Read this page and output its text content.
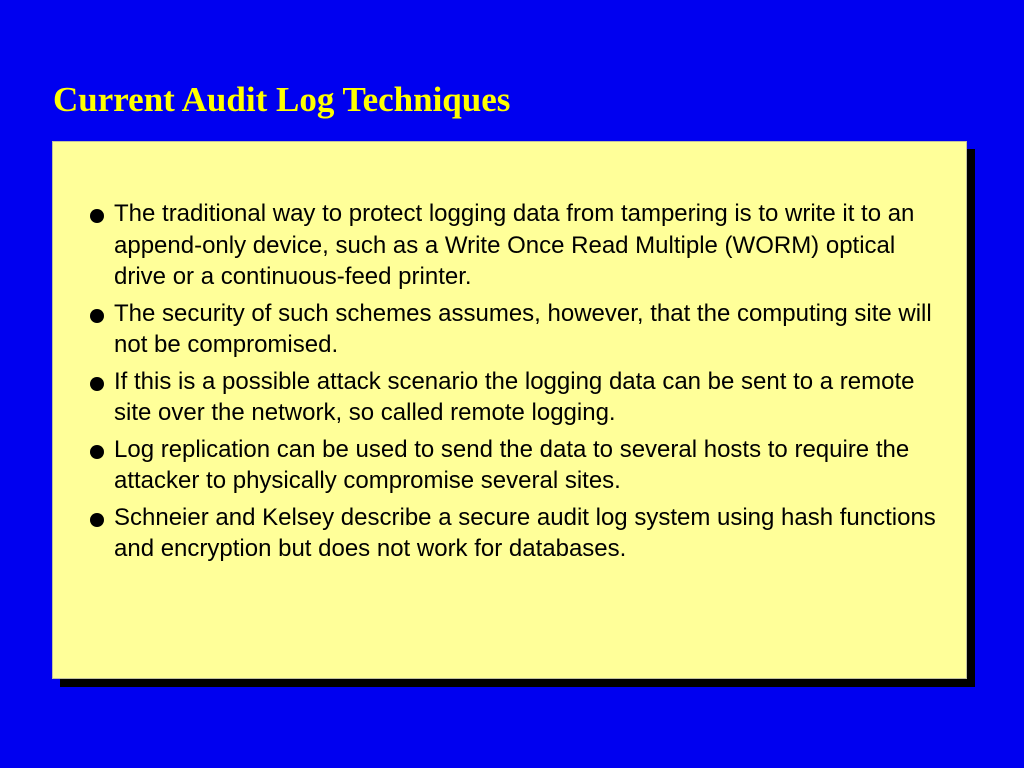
Current Audit Log Techniques
The traditional way to protect logging data from tampering is to write it to an append-only device, such as a Write Once Read Multiple (WORM) optical drive or a continuous-feed printer.
The security of such schemes assumes, however, that the computing site will not be compromised.
If this is a possible attack scenario the logging data can be sent to a remote site over the network, so called remote logging.
Log replication can be used to send the data to several hosts to require the attacker to physically compromise several sites.
Schneier and Kelsey describe a secure audit log system using hash functions and encryption but does not work for databases.
